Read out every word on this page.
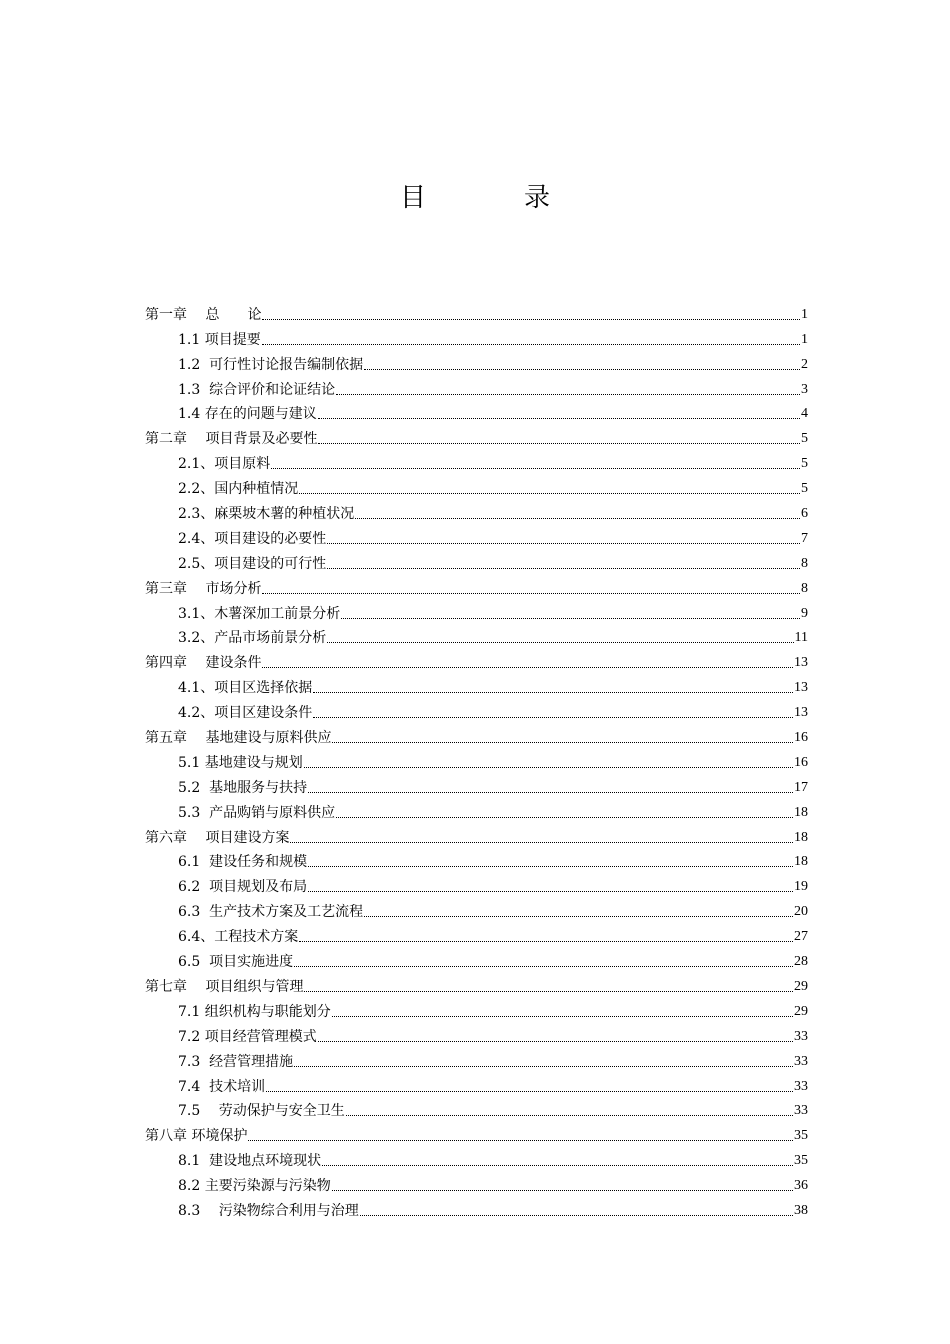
目　录
第一章　 总　　论	1
1.1 项目提要	1
1.2  可行性讨论报告编制依据	2
1.3  综合评价和论证结论	3
1.4 存在的问题与建议	4
第二章　 项目背景及必要性	5
2.1、项目原料	5
2.2、国内种植情况	5
2.3、麻栗坡木薯的种植状况	6
2.4、项目建设的必要性	7
2.5、项目建设的可行性	8
第三章　 市场分析	8
3.1、木薯深加工前景分析	9
3.2、产品市场前景分析	11
第四章　 建设条件	13
4.1、项目区选择依据	13
4.2、项目区建设条件	13
第五章　 基地建设与原料供应	16
5.1 基地建设与规划	16
5.2  基地服务与扶持	17
5.3  产品购销与原料供应	18
第六章　 项目建设方案	18
6.1  建设任务和规模	18
6.2  项目规划及布局	19
6.3  生产技术方案及工艺流程	20
6.4、工程技术方案	27
6.5  项目实施进度	28
第七章　 项目组织与管理	29
7.1 组织机构与职能划分	29
7.2 项目经营管理模式	33
7.3  经营管理措施	33
7.4  技术培训	33
7.5　 劳动保护与安全卫生	33
第八章 环境保护	35
8.1  建设地点环境现状	35
8.2 主要污染源与污染物	36
8.3　 污染物综合利用与治理	38
